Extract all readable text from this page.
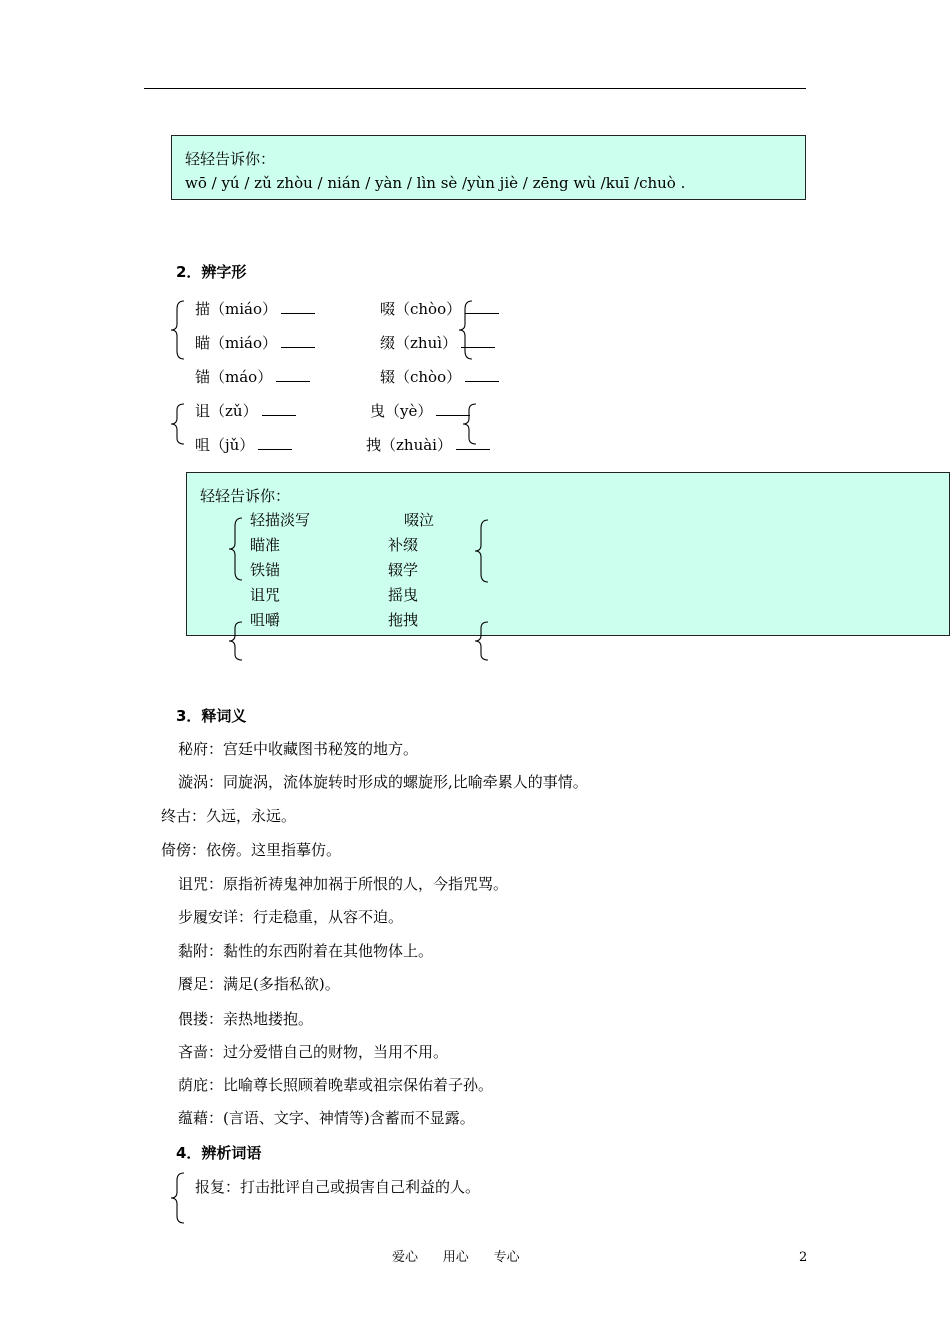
轻轻告诉你：
wō / yú / zǔ zhòu / nián / yàn / lìn sè /yùn jiè / zēng wù /kuī /chuò .
2．辨字形
描（miáo）
瞄（miáo）
锚（máo）
啜（chòo）
缀（zhuì）
辍（chòo）
诅（zǔ）
咀（jǔ）
曳（yè）
拽（zhuài）
轻轻告诉你：
轻描淡写
瞄准
铁锚
诅咒
咀嚼
啜泣
补缀
辍学
摇曳
拖拽
3．释词义
秘府：宫廷中收藏图书秘笈的地方。
漩涡：同旋涡，流体旋转时形成的螺旋形,比喻牵累人的事情。
终古：久远，永远。
倚傍：依傍。这里指摹仿。
诅咒：原指祈祷鬼神加祸于所恨的人，今指咒骂。
步履安详：行走稳重，从容不迫。
黏附：黏性的东西附着在其他物体上。
餍足：满足(多指私欲)。
偎搂：亲热地搂抱。
吝啬：过分爱惜自己的财物，当用不用。
荫庇：比喻尊长照顾着晚辈或祖宗保佑着子孙。
蕴藉：(言语、文字、神情等)含蓄而不显露。
4．辨析词语
报复：打击批评自己或损害自己利益的人。
爱心      用心      专心	2
